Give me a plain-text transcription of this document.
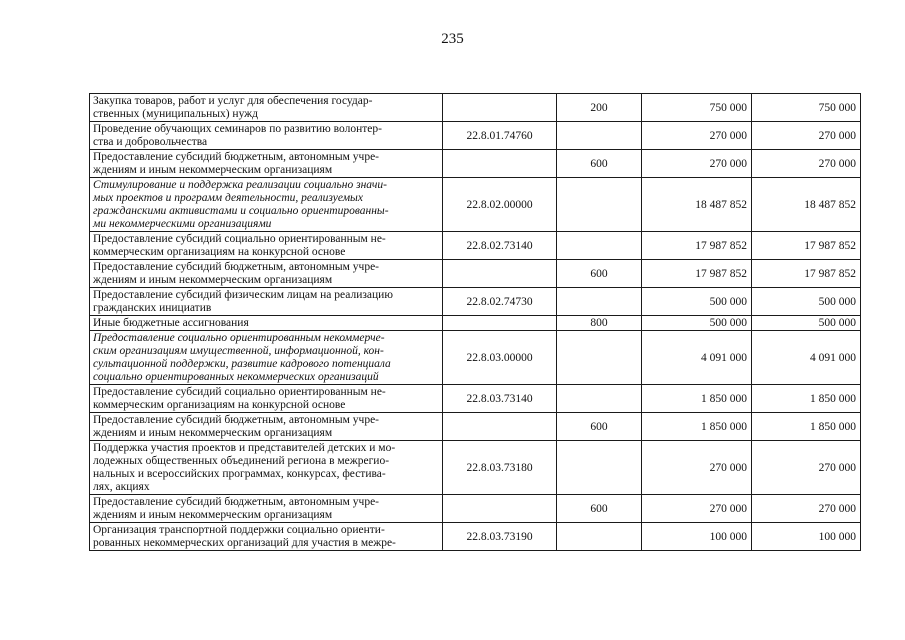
235
Закупка товаров, работ и услуг для обеспечения государ-
ственных (муниципальных) нужд		200	750 000	750 000
Проведение обучающих семинаров по развитию волонтер-
ства и добровольчества	22.8.01.74760		270 000	270 000
Предоставление субсидий бюджетным, автономным учре-
ждениям и иным некоммерческим организациям		600	270 000	270 000
Стимулирование и поддержка реализации социально значи-
мых проектов и программ деятельности, реализуемых
гражданскими активистами и социально ориентированны-
ми некоммерческими организациями	22.8.02.00000		18 487 852	18 487 852
Предоставление субсидий социально ориентированным не-
коммерческим организациям на конкурсной основе	22.8.02.73140		17 987 852	17 987 852
Предоставление субсидий бюджетным, автономным учре-
ждениям и иным некоммерческим организациям		600	17 987 852	17 987 852
Предоставление субсидий физическим лицам на реализацию
гражданских инициатив	22.8.02.74730		500 000	500 000
Иные бюджетные ассигнования		800	500 000	500 000
Предоставление социально ориентированным некоммерче-
ским организациям имущественной, информационной, кон-
сультационной поддержки, развитие кадрового потенциала
социально ориентированных некоммерческих организаций	22.8.03.00000		4 091 000	4 091 000
Предоставление субсидий социально ориентированным не-
коммерческим организациям на конкурсной основе	22.8.03.73140		1 850 000	1 850 000
Предоставление субсидий бюджетным, автономным учре-
ждениям и иным некоммерческим организациям		600	1 850 000	1 850 000
Поддержка участия проектов и представителей детских и мо-
лодежных общественных объединений региона в межрегио-
нальных и всероссийских программах, конкурсах, фестива-
лях, акциях	22.8.03.73180		270 000	270 000
Предоставление субсидий бюджетным, автономным учре-
ждениям и иным некоммерческим организациям		600	270 000	270 000
Организация транспортной поддержки социально ориенти-
рованных некоммерческих организаций для участия в межре-	22.8.03.73190		100 000	100 000
